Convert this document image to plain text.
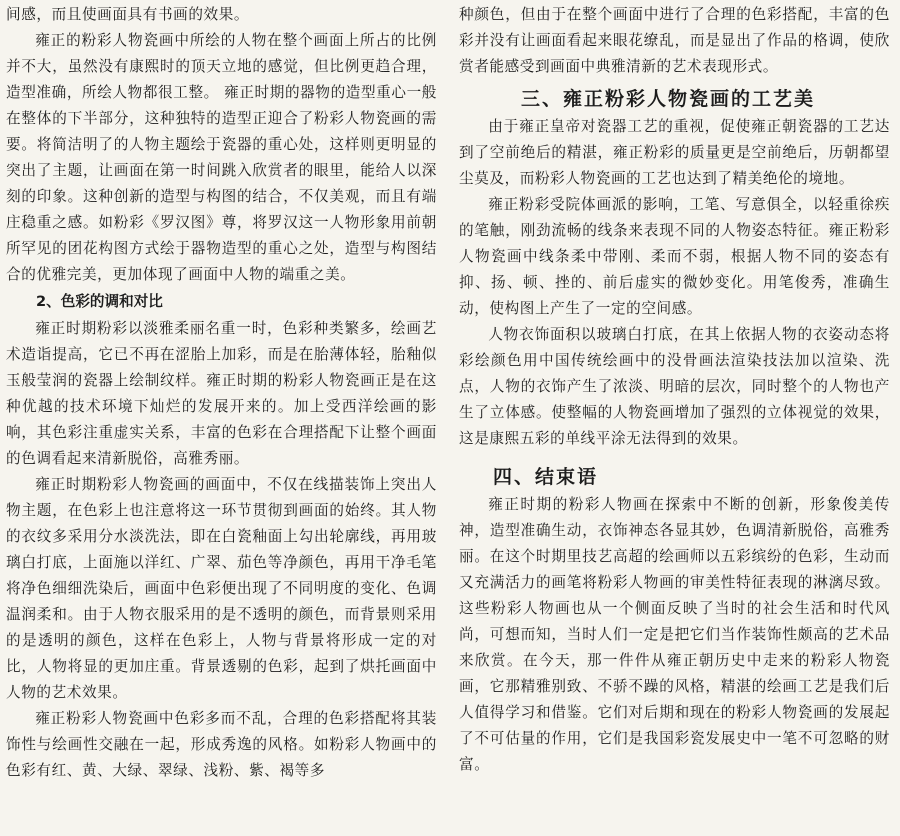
间感，而且使画面具有书画的效果。

雍正的粉彩人物瓷画中所绘的人物在整个画面上所占的比例并不大，虽然没有康熙时的顶天立地的感觉，但比例更趋合理，造型准确，所绘人物都很工整。 雍正时期的器物的造型重心一般在整体的下半部分，这种独特的造型正迎合了粉彩人物瓷画的需要。将简洁明了的人物主题绘于瓷器的重心处，这样则更明显的突出了主题，让画面在第一时间跳入欣赏者的眼里，能给人以深刻的印象。这种创新的造型与构图的结合，不仅美观，而且有端庄稳重之感。如粉彩《罗汉图》尊，将罗汉这一人物形象用前朝所罕见的团花构图方式绘于器物造型的重心之处，造型与构图结合的优雅完美，更加体现了画面中人物的端重之美。

2、色彩的调和对比

雍正时期粉彩以淡雅柔丽名重一时，色彩种类繁多，绘画艺术造诣提高，它已不再在涩胎上加彩，而是在胎薄体轻，胎釉似玉般莹润的瓷器上绘制纹样。雍正时期的粉彩人物瓷画正是在这种优越的技术环境下灿烂的发展开来的。加上受西洋绘画的影响，其色彩注重虚实关系，丰富的色彩在合理搭配下让整个画面的色调看起来清新脱俗，高雅秀丽。

雍正时期粉彩人物瓷画的画面中，不仅在线描装饰上突出人物主题，在色彩上也注意将这一环节贯彻到画面的始终。其人物的衣纹多采用分水淡洗法，即在白瓷釉面上勾出轮廓线，再用玻璃白打底，上面施以洋红、广翠、茄色等净颜色，再用干净毛笔将净色细细洗染后，画面中色彩便出现了不同明度的变化、色调温润柔和。由于人物衣服采用的是不透明的颜色，而背景则采用的是透明的颜色，这样在色彩上，人物与背景将形成一定的对比，人物将显的更加庄重。背景透剔的色彩，起到了烘托画面中人物的艺术效果。

雍正粉彩人物瓷画中色彩多而不乱，合理的色彩搭配将其装饰性与绘画性交融在一起，形成秀逸的风格。如粉彩人物画中的色彩有红、黄、大绿、翠绿、浅粉、紫、褐等多

种颜色，但由于在整个画面中进行了合理的色彩搭配，丰富的色彩并没有让画面看起来眼花缭乱，而是显出了作品的格调，使欣赏者能感受到画面中典雅清新的艺术表现形式。

三、雍正粉彩人物瓷画的工艺美

由于雍正皇帝对瓷器工艺的重视，促使雍正朝瓷器的工艺达到了空前绝后的精湛，雍正粉彩的质量更是空前绝后，历朝都望尘莫及，而粉彩人物瓷画的工艺也达到了精美绝伦的境地。

雍正粉彩受院体画派的影响，工笔、写意俱全，以轻重徐疾的笔触，刚劲流畅的线条来表现不同的人物姿态特征。雍正粉彩人物瓷画中线条柔中带刚、柔而不弱，根据人物不同的姿态有抑、扬、顿、挫的、前后虚实的微妙变化。用笔俊秀，准确生动，使构图上产生了一定的空间感。

人物衣饰面积以玻璃白打底，在其上依据人物的衣姿动态将彩绘颜色用中国传统绘画中的没骨画法渲染技法加以渲染、洗点，人物的衣饰产生了浓淡、明暗的层次，同时整个的人物也产生了立体感。使整幅的人物瓷画增加了强烈的立体视觉的效果，这是康熙五彩的单线平涂无法得到的效果。

四、结束语

雍正时期的粉彩人物画在探索中不断的创新，形象俊美传神，造型准确生动，衣饰神态各显其妙，色调清新脱俗，高雅秀丽。在这个时期里技艺高超的绘画师以五彩缤纷的色彩，生动而又充满活力的画笔将粉彩人物画的审美性特征表现的淋漓尽致。这些粉彩人物画也从一个侧面反映了当时的社会生活和时代风尚，可想而知，当时人们一定是把它们当作装饰性颇高的艺术品来欣赏。在今天，那一件件从雍正朝历史中走来的粉彩人物瓷画，它那精雅别致、不骄不躁的风格，精湛的绘画工艺是我们后人值得学习和借鉴。它们对后期和现在的粉彩人物瓷画的发展起了不可估量的作用，它们是我国彩瓷发展史中一笔不可忽略的财富。
